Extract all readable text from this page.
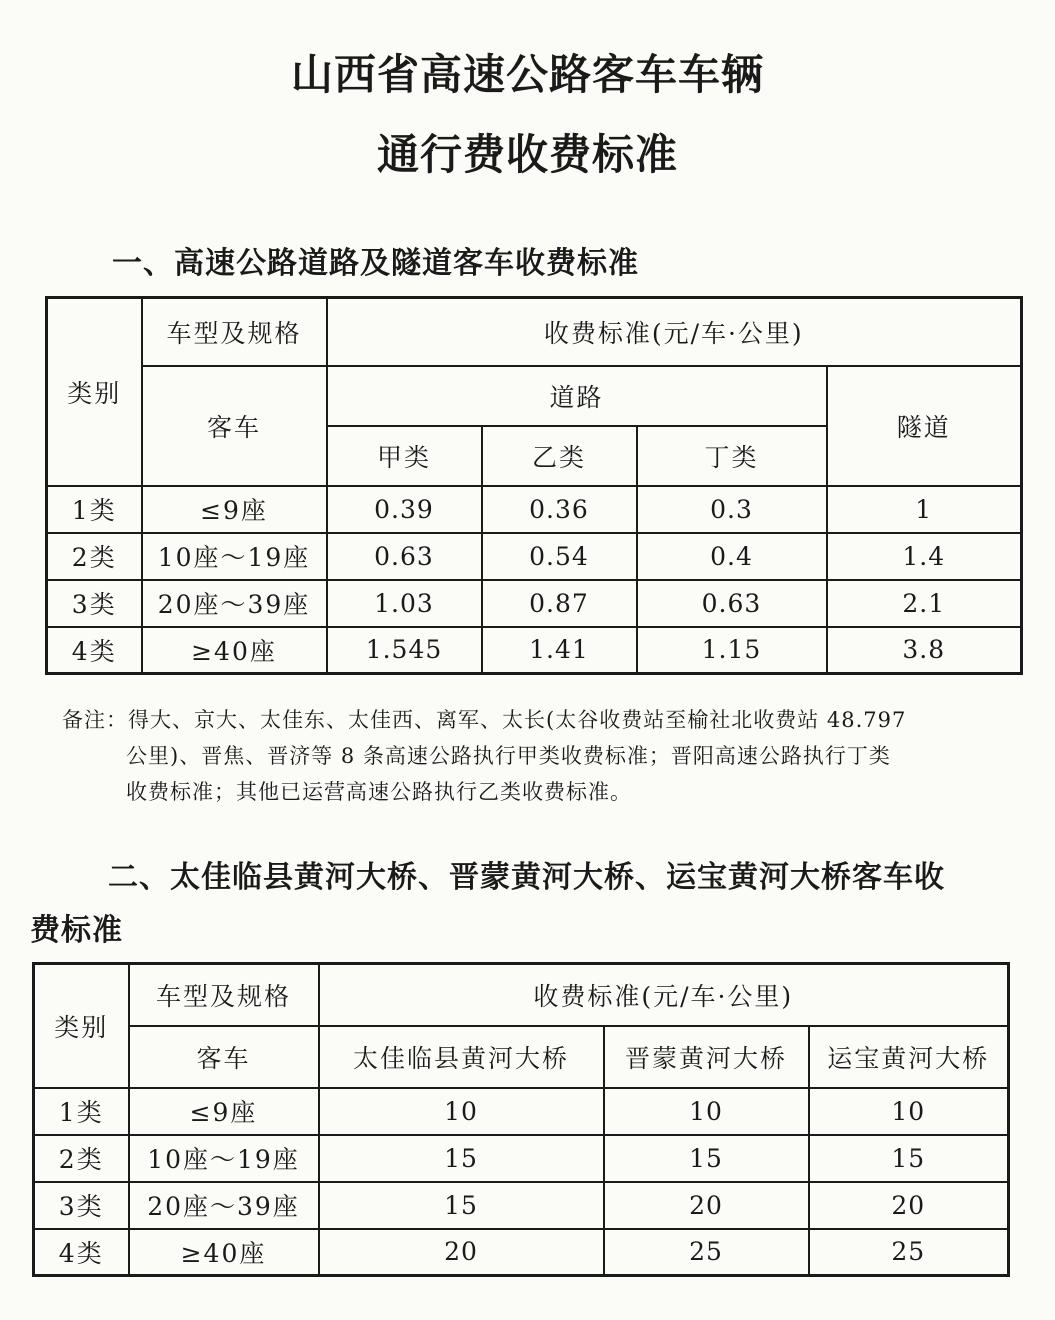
山西省高速公路客车车辆
通行费收费标准
一、高速公路道路及隧道客车收费标准
类别	车型及规格	收费标准(元/车·公里)			
	客车	道路			隧道
		甲类	乙类	丁类	
1类	≤9座	0.39	0.36	0.3	1
2类	10座～19座	0.63	0.54	0.4	1.4
3类	20座～39座	1.03	0.87	0.63	2.1
4类	≥40座	1.545	1.41	1.15	3.8
备注：得大、京大、太佳东、太佳西、离军、太长(太谷收费站至榆社北收费站 48.797
公里)、晋焦、晋济等 8 条高速公路执行甲类收费标准；晋阳高速公路执行丁类
收费标准；其他已运营高速公路执行乙类收费标准。
二、太佳临县黄河大桥、晋蒙黄河大桥、运宝黄河大桥客车收
费标准
类别	车型及规格	收费标准(元/车·公里)		
	客车	太佳临县黄河大桥	晋蒙黄河大桥	运宝黄河大桥
1类	≤9座	10	10	10
2类	10座～19座	15	15	15
3类	20座～39座	15	20	20
4类	≥40座	20	25	25
